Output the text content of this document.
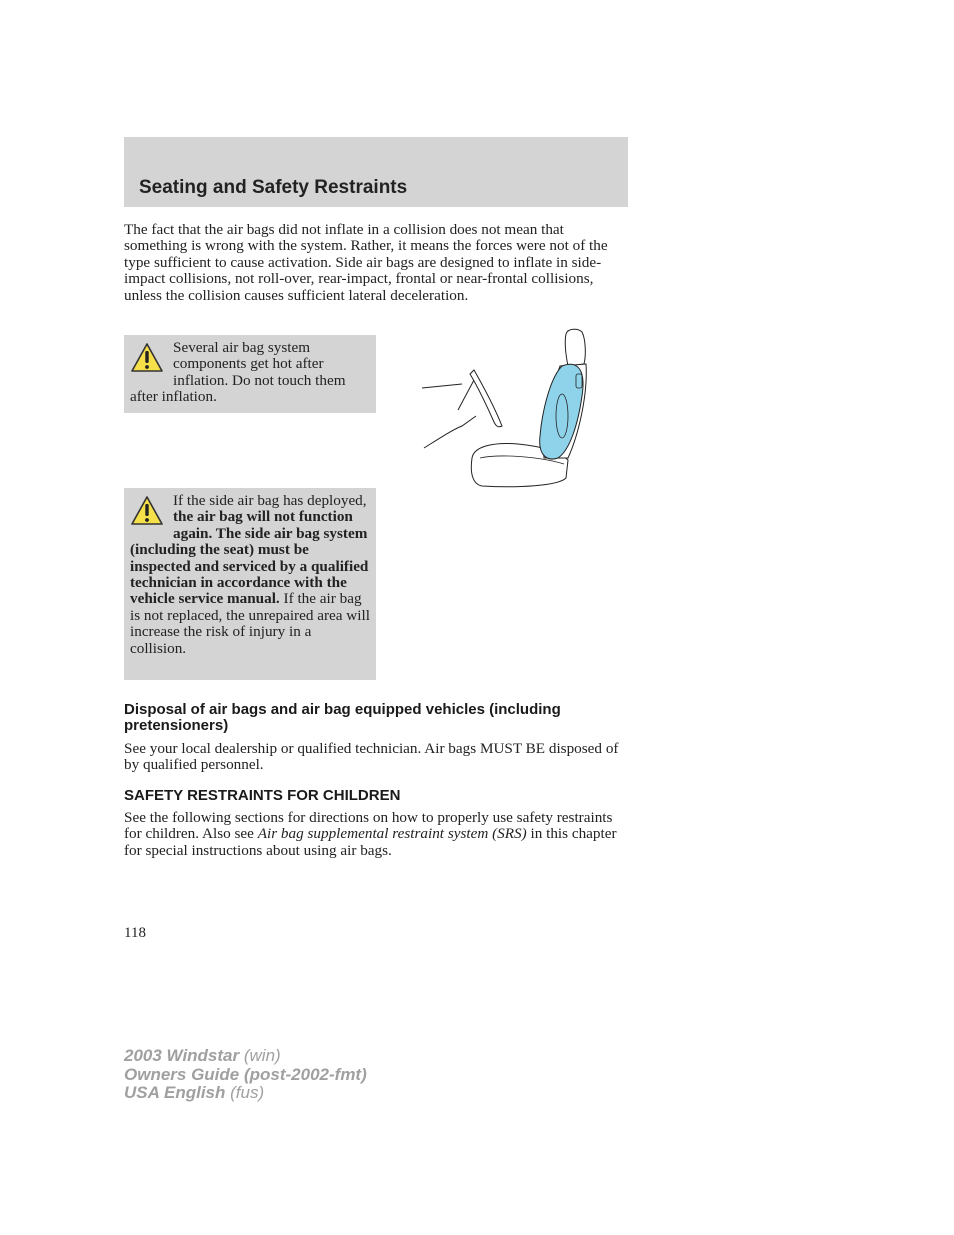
Seating and Safety Restraints

The fact that the air bags did not inflate in a collision does not mean that something is wrong with the system. Rather, it means the forces were not of the type sufficient to cause activation. Side air bags are designed to inflate in side-impact collisions, not roll-over, rear-impact, frontal or near-frontal collisions, unless the collision causes sufficient lateral deceleration.

Several air bag system components get hot after inflation. Do not touch them after inflation.
If the side air bag has deployed, the air bag will not function again. The side air bag system (including the seat) must be inspected and serviced by a qualified technician in accordance with the vehicle service manual. If the air bag is not replaced, the unrepaired area will increase the risk of injury in a collision.
Disposal of air bags and air bag equipped vehicles (including pretensioners)

See your local dealership or qualified technician. Air bags MUST BE disposed of by qualified personnel.

SAFETY RESTRAINTS FOR CHILDREN

See the following sections for directions on how to properly use safety restraints for children. Also see Air bag supplemental restraint system (SRS) in this chapter for special instructions about using air bags.

118
2003 Windstar (win)
Owners Guide (post-2002-fmt)
USA English (fus)
